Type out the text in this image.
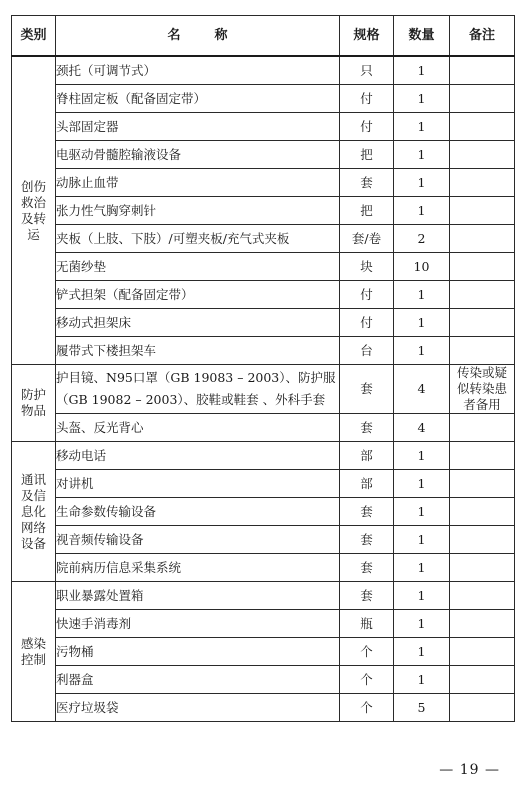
类别	名称	规格	数量	备注
创伤救治及转运	颈托（可调节式）	只	1	
	脊柱固定板（配备固定带）	付	1	
	头部固定器	付	1	
	电驱动骨髓腔输液设备	把	1	
	动脉止血带	套	1	
	张力性气胸穿刺针	把	1	
	夹板（上肢、下肢）/可塑夹板/充气式夹板	套/卷	2	
	无菌纱垫	块	10	
	铲式担架（配备固定带）	付	1	
	移动式担架床	付	1	
	履带式下楼担架车	台	1	
防护物品	护目镜、N95口罩（GB 19083 – 2003）、防护服（GB 19082 – 2003）、胶鞋或鞋套 、外科手套	套	4	传染或疑似转染患者备用
	头盔、反光背心	套	4	
通讯及信息化网络设备	移动电话	部	1	
	对讲机	部	1	
	生命参数传输设备	套	1	
	视音频传输设备	套	1	
	院前病历信息采集系统	套	1	
感染控制	职业暴露处置箱	套	1	
	快速手消毒剂	瓶	1	
	污物桶	个	1	
	利器盒	个	1	
	医疗垃圾袋	个	5	
— 19 —
